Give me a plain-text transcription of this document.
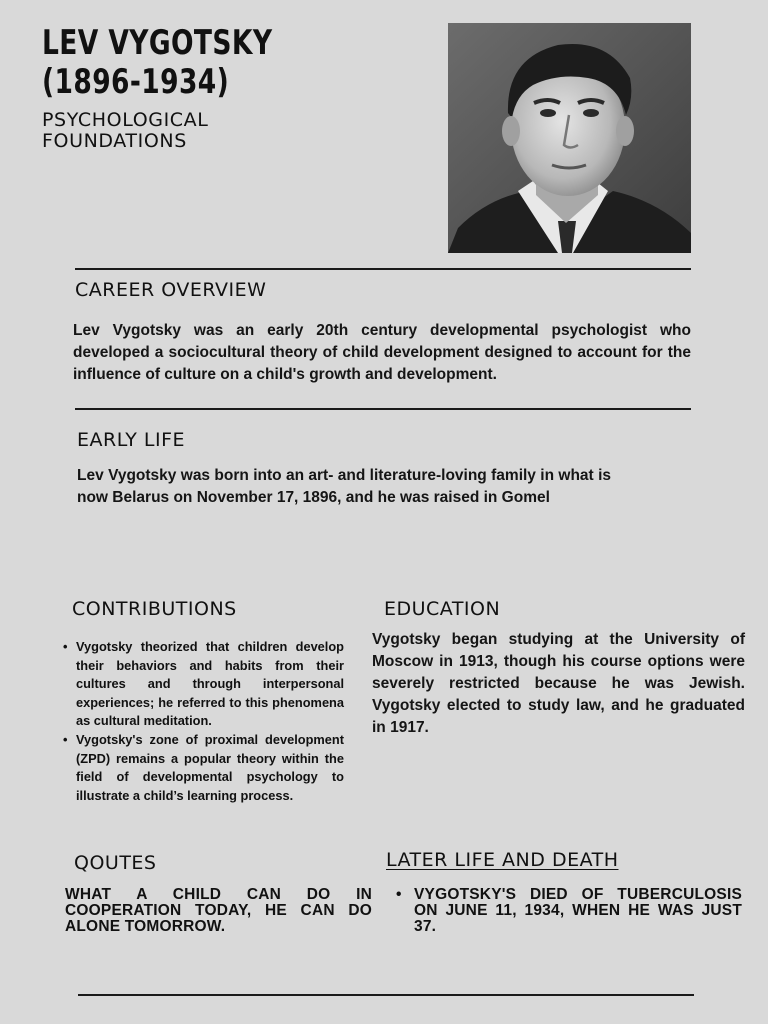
LEV VYGOTSKY
(1896-1934)
PSYCHOLOGICAL
FOUNDATIONS
CAREER OVERVIEW
Lev Vygotsky was an early 20th century developmental psychologist who developed a sociocultural theory of child development designed to account for the influence of culture on a child's growth and development.
EARLY LIFE
Lev Vygotsky was born into an art- and literature-loving family in what is now Belarus on November 17, 1896, and he was raised in Gomel
CONTRIBUTIONS
• Vygotsky theorized that children develop their behaviors and habits from their cultures and through interpersonal experiences; he referred to this phenomena as cultural meditation.
• Vygotsky's zone of proximal development (ZPD) remains a popular theory within the field of developmental psychology to illustrate a child’s learning process.
EDUCATION
Vygotsky began studying at the University of Moscow in 1913, though his course options were severely restricted because he was Jewish. Vygotsky elected to study law, and he graduated in 1917.
QOUTES
WHAT A CHILD CAN DO IN COOPERATION TODAY, HE CAN DO ALONE TOMORROW.
LATER LIFE AND DEATH
• VYGOTSKY'S DIED OF TUBERCULOSIS ON JUNE 11, 1934, WHEN HE WAS JUST 37.
